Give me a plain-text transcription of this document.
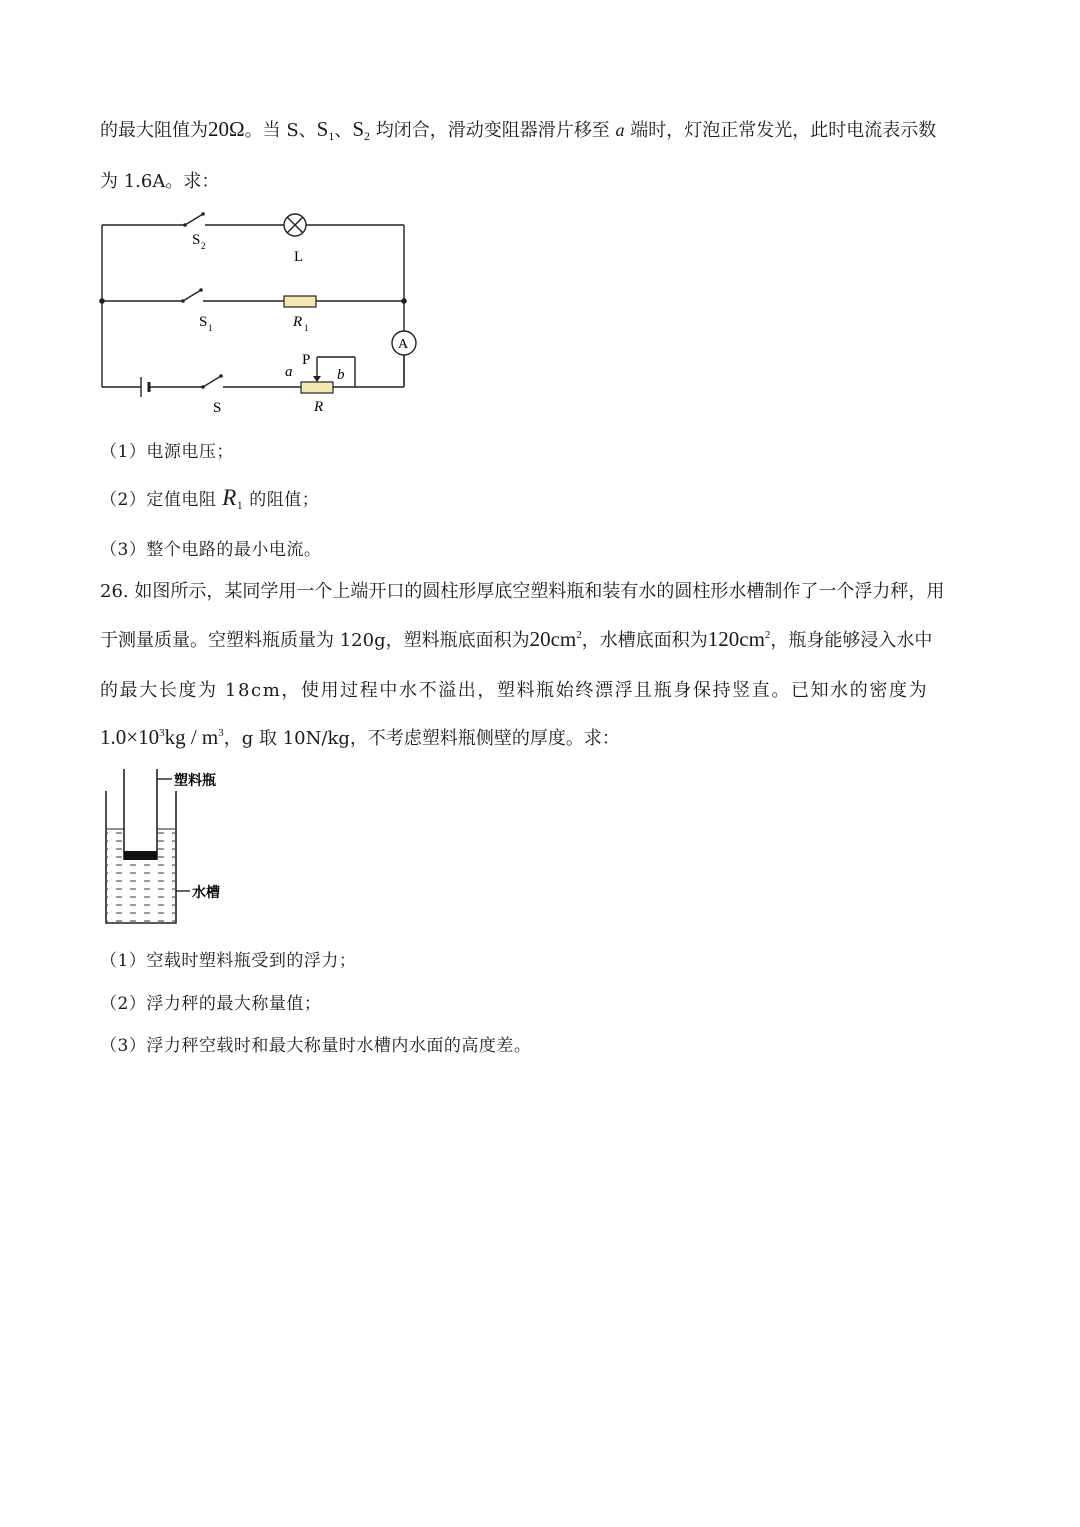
的最大阻值为20Ω。当 S、$S_1$、$S_2$ 均闭合，滑动变阻器滑片移至 a 端时，灯泡正常发光，此时电流表示数
为 1.6A。求：
S 2
L
S 1	R 1
A
P
a	b
S	R
（1）电源电压；
（2）定值电阻 $R_1$ 的阻值；
（3）整个电路的最小电流。
26. 如图所示，某同学用一个上端开口的圆柱形厚底空塑料瓶和装有水的圆柱形水槽制作了一个浮力秤，用
于测量质量。空塑料瓶质量为 120g，塑料瓶底面积为$20cm^2$，水槽底面积为$120cm^2$，瓶身能够浸入水中
的最大长度为 18cm，使用过程中水不溢出，塑料瓶始终漂浮且瓶身保持竖直。已知水的密度为
$1.0\times 10^3kg / m^3$，g 取 10N/kg，不考虑塑料瓶侧壁的厚度。求：
塑料瓶
水槽
（1）空载时塑料瓶受到的浮力；
（2）浮力秤的最大称量值；
（3）浮力秤空载时和最大称量时水槽内水面的高度差。
